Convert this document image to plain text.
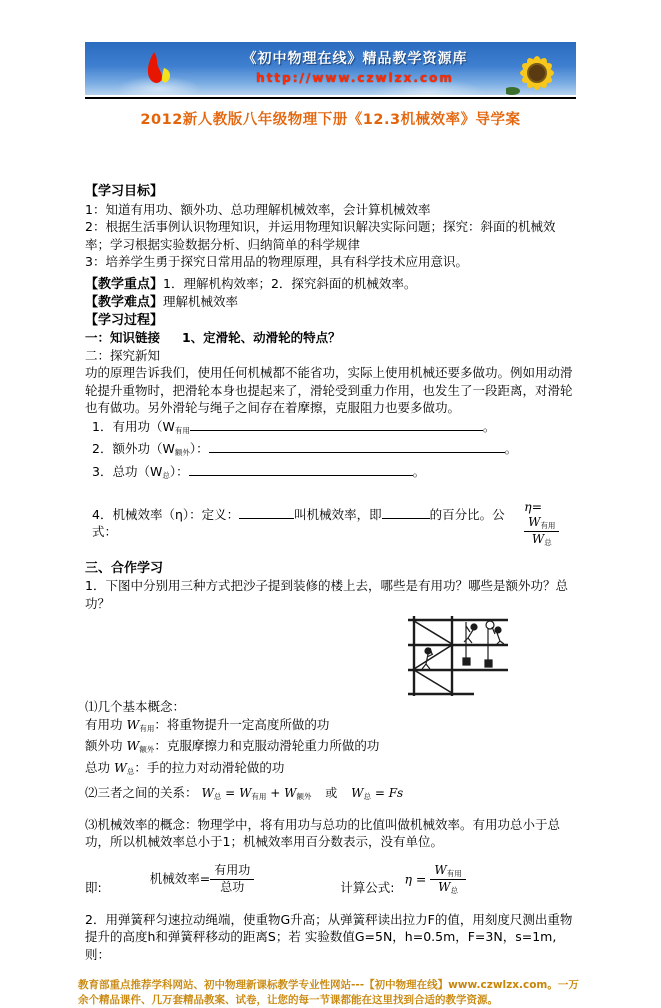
《初中物理在线》精品教学资源库
http://www.czwlzx.com
2012新人教版八年级物理下册《12.3机械效率》导学案
【学习目标】
1：知道有用功、额外功、总功理解机械效率，会计算机械效率
2：根据生活事例认识物理知识，并运用物理知识解决实际问题；探究：斜面的机械效率；学习根据实验数据分析、归纳简单的科学规律
3：培养学生勇于探究日常用品的物理原理，具有科学技术应用意识。
【教学重点】1．理解机构效率；2．探究斜面的机械效率。
【教学难点】理解机械效率
【学习过程】
一：知识链接 1、定滑轮、动滑轮的特点？
二：探究新知
功的原理告诉我们，使用任何机械都不能省功，实际上使用机械还要多做功。例如用动滑轮提升重物时，把滑轮本身也提起来了，滑轮受到重力作用，也发生了一段距离，对滑轮也有做功。另外滑轮与绳子之间存在着摩擦，克服阻力也要多做功。
1．有用功（$W_{有用}$	。
2．额外功$(W_{额外})$：	。
3．总功$(W_总)$：	。
4．机械效率（η）：定义：	叫机械效率，即	的百分比。公式：
η=
$\frac{W_{有用}}{W_总}$
三、合作学习
1．下图中分别用三种方式把沙子提到装修的楼上去，哪些是有用功？哪些是额外功？总功？
⑴几个基本概念：
有用功 $W_{有用}$：将重物提升一定高度所做的功
额外功 $W_{额外}$：克服摩擦力和克服动滑轮重力所做的功
总功 $W_总$：手的拉力对动滑轮做的功
⑵三者之间的关系： $W_总 = W_{有用} + W_{额外}$ 或 $W_总 = Fs$
⑶机械效率的概念：物理学中，将有用功与总功的比值叫做机械效率。有用功总小于总功，所以机械效率总小于1；机械效率用百分数表示，没有单位。
即:
机械效率= $\frac{\text{有用功}}{\text{总功}}$	计算公式:
$\eta = \frac{W_{有用}}{W_总}$
2．用弹簧秤匀速拉动绳端，使重物G升高；从弹簧秤读出拉力F的值，用刻度尺测出重物提升的高度h和弹簧秤移动的距离S；若 实验数值G=5N，h=0.5m，F=3N，s=1m,则：
教育部重点推荐学科网站、初中物理新课标教学专业性网站---【初中物理在线】www.czwlzx.com。一万余个精品课件、几万套精品教案、试卷，让您的每一节课都能在这里找到合适的教学资源。
